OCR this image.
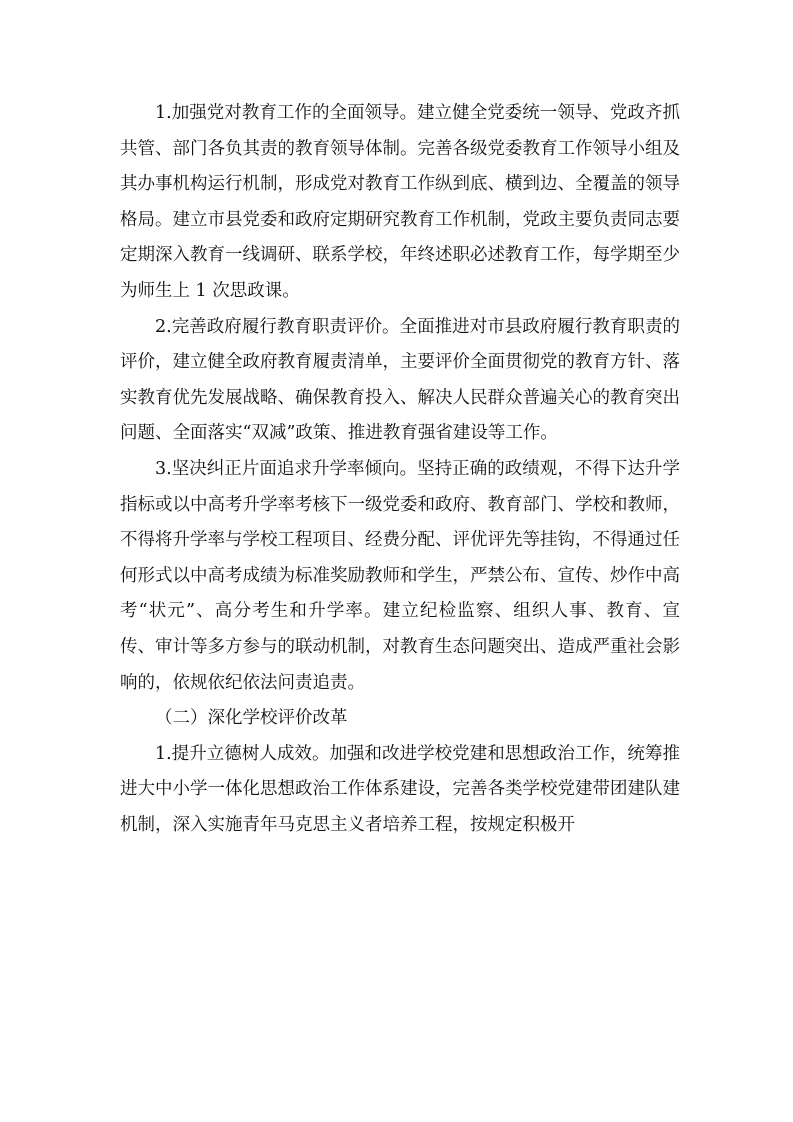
1.加强党对教育工作的全面领导。建立健全党委统一领导、党政齐抓共管、部门各负其责的教育领导体制。完善各级党委教育工作领导小组及其办事机构运行机制，形成党对教育工作纵到底、横到边、全覆盖的领导格局。建立市县党委和政府定期研究教育工作机制，党政主要负责同志要定期深入教育一线调研、联系学校，年终述职必述教育工作，每学期至少为师生上 1 次思政课。

2.完善政府履行教育职责评价。全面推进对市县政府履行教育职责的评价，建立健全政府教育履责清单，主要评价全面贯彻党的教育方针、落实教育优先发展战略、确保教育投入、解决人民群众普遍关心的教育突出问题、全面落实“双减”政策、推进教育强省建设等工作。

3.坚决纠正片面追求升学率倾向。坚持正确的政绩观，不得下达升学指标或以中高考升学率考核下一级党委和政府、教育部门、学校和教师，不得将升学率与学校工程项目、经费分配、评优评先等挂钩，不得通过任何形式以中高考成绩为标准奖励教师和学生，严禁公布、宣传、炒作中高考“状元”、高分考生和升学率。建立纪检监察、组织人事、教育、宣传、审计等多方参与的联动机制，对教育生态问题突出、造成严重社会影响的，依规依纪依法问责追责。

（二）深化学校评价改革

1.提升立德树人成效。加强和改进学校党建和思想政治工作，统筹推进大中小学一体化思想政治工作体系建设，完善各类学校党建带团建队建机制，深入实施青年马克思主义者培养工程，按规定积极开
